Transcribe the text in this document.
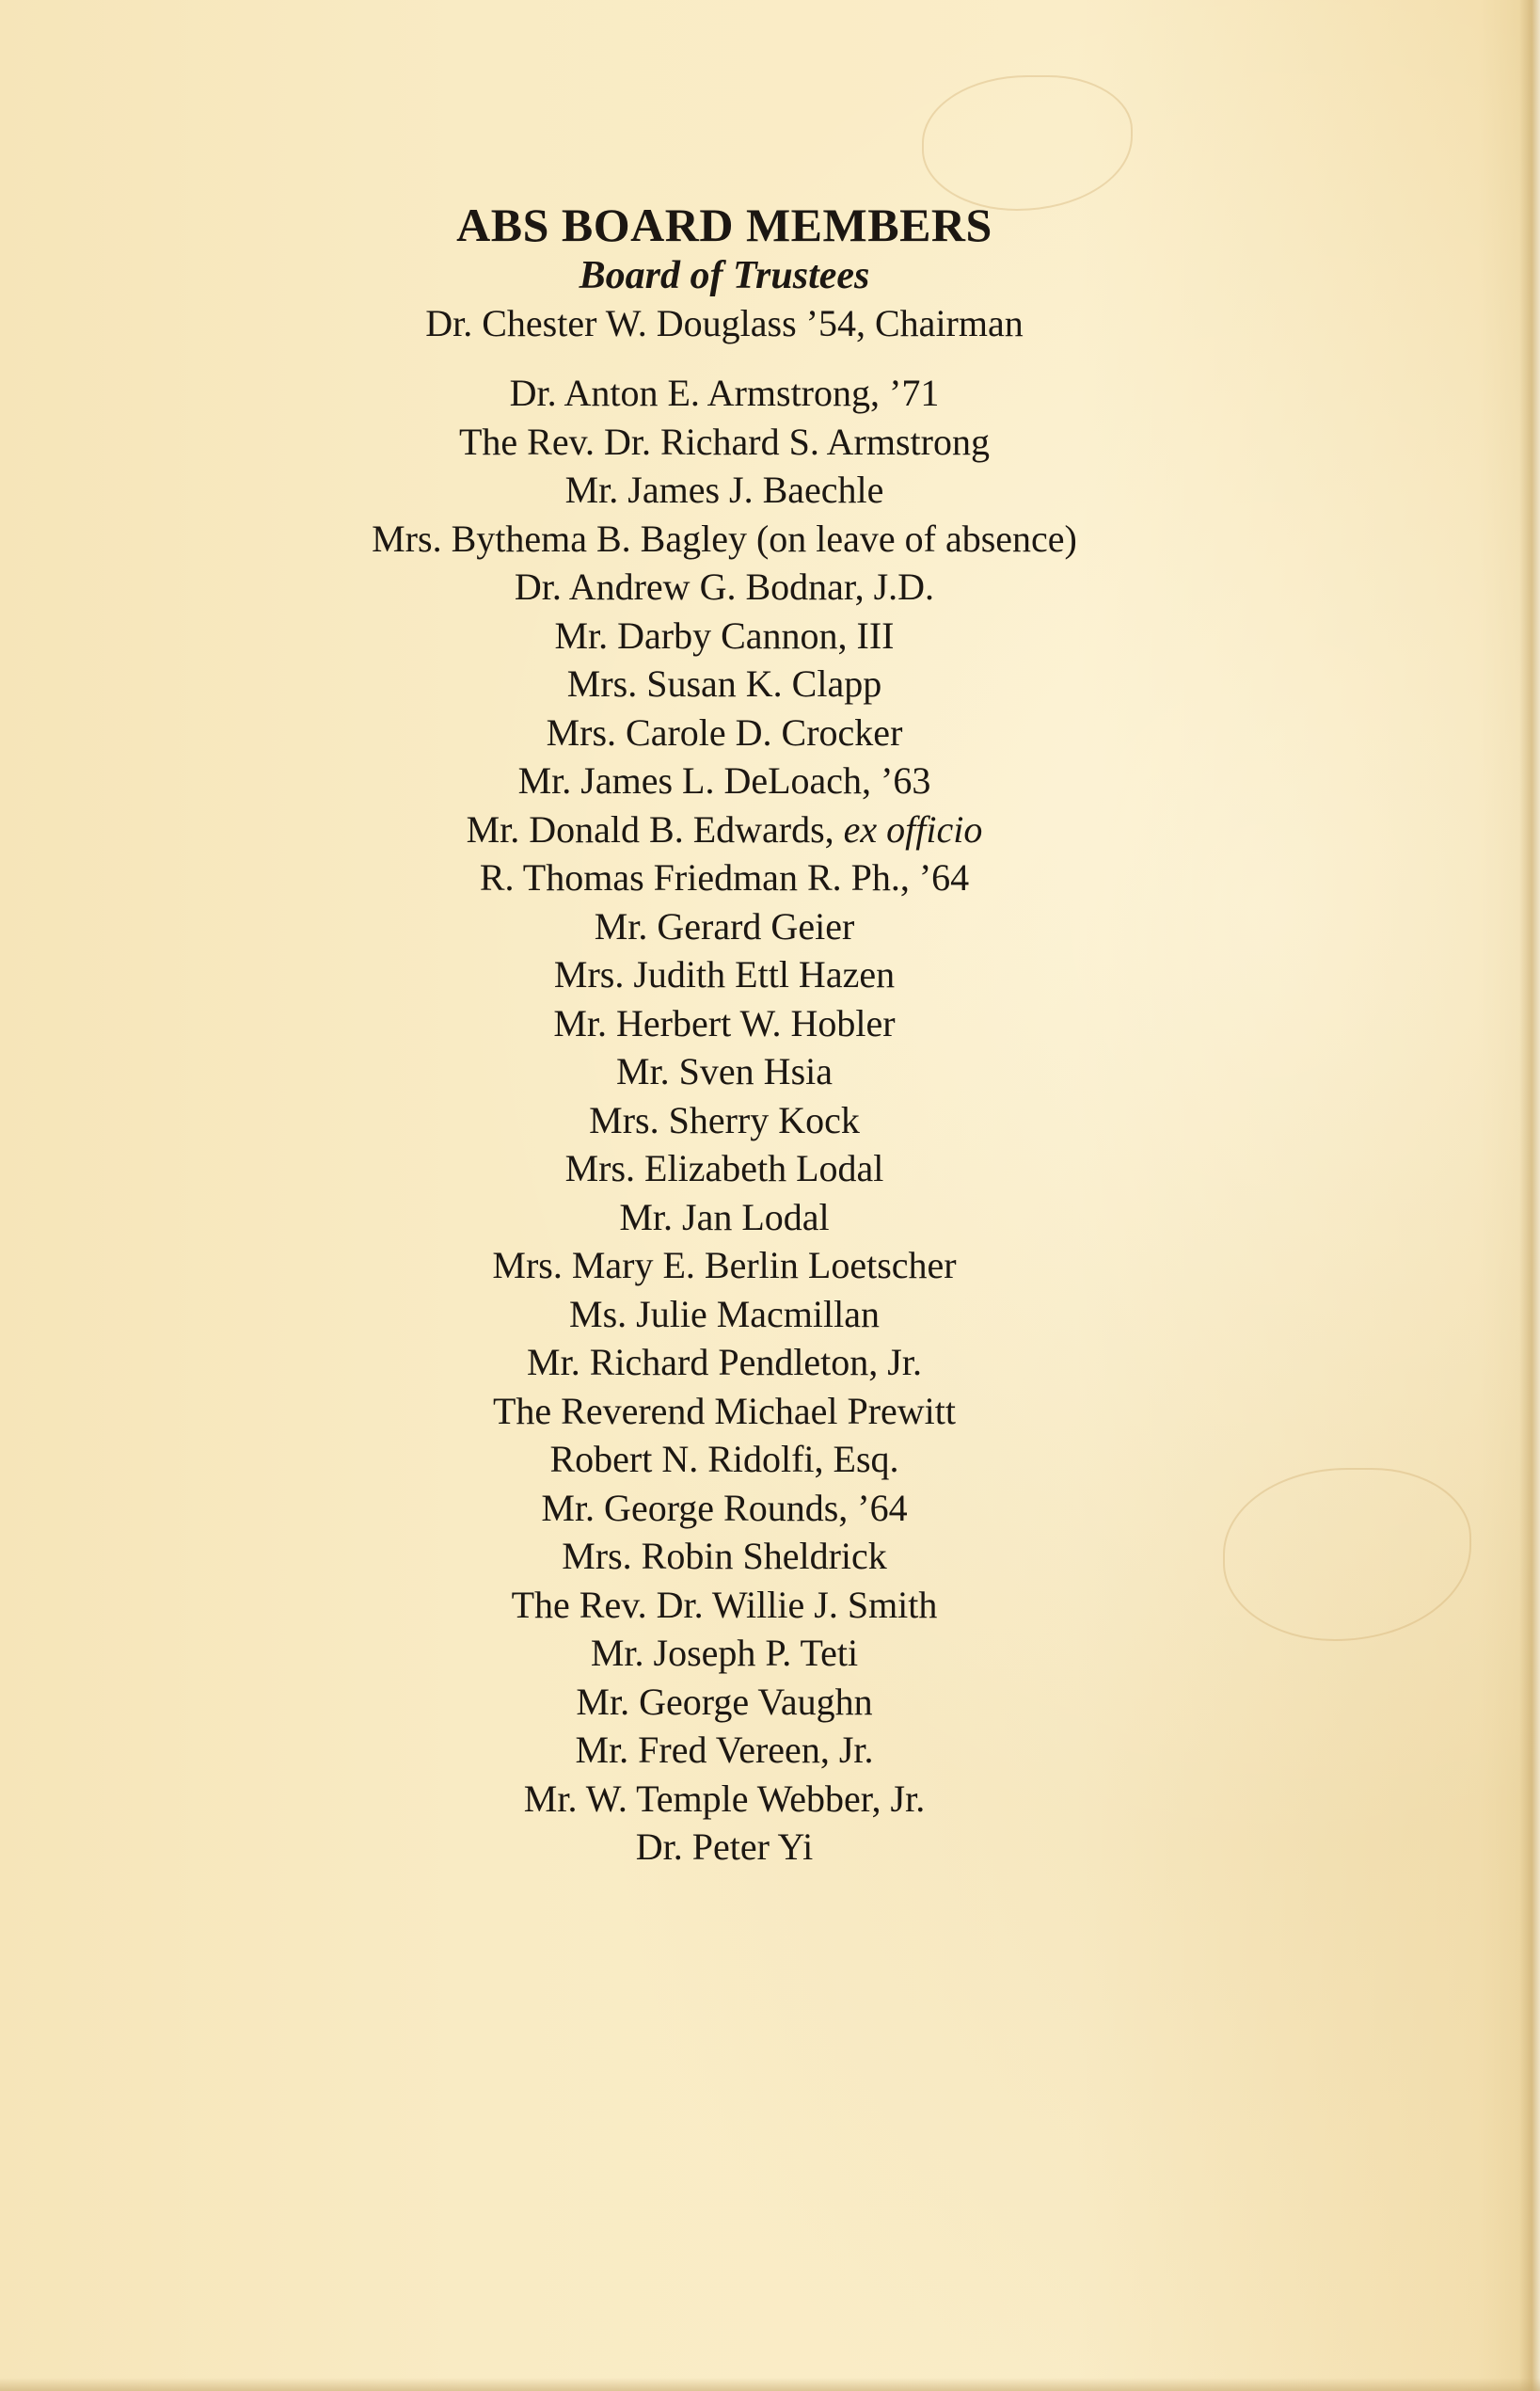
ABS BOARD MEMBERS
Board of Trustees

Dr. Chester W. Douglass ’54, Chairman

Dr. Anton E. Armstrong, ’71
The Rev. Dr. Richard S. Armstrong
Mr. James J. Baechle
Mrs. Bythema B. Bagley (on leave of absence)
Dr. Andrew G. Bodnar, J.D.
Mr. Darby Cannon, III
Mrs. Susan K. Clapp
Mrs. Carole D. Crocker
Mr. James L. DeLoach, ’63
Mr. Donald B. Edwards, ex officio
R. Thomas Friedman R. Ph., ’64
Mr. Gerard Geier
Mrs. Judith Ettl Hazen
Mr. Herbert W. Hobler
Mr. Sven Hsia
Mrs. Sherry Kock
Mrs. Elizabeth Lodal
Mr. Jan Lodal
Mrs. Mary E. Berlin Loetscher
Ms. Julie Macmillan
Mr. Richard Pendleton, Jr.
The Reverend Michael Prewitt
Robert N. Ridolfi, Esq.
Mr. George Rounds, ’64
Mrs. Robin Sheldrick
The Rev. Dr. Willie J. Smith
Mr. Joseph P. Teti
Mr. George Vaughn
Mr. Fred Vereen, Jr.
Mr. W. Temple Webber, Jr.
Dr. Peter Yi
